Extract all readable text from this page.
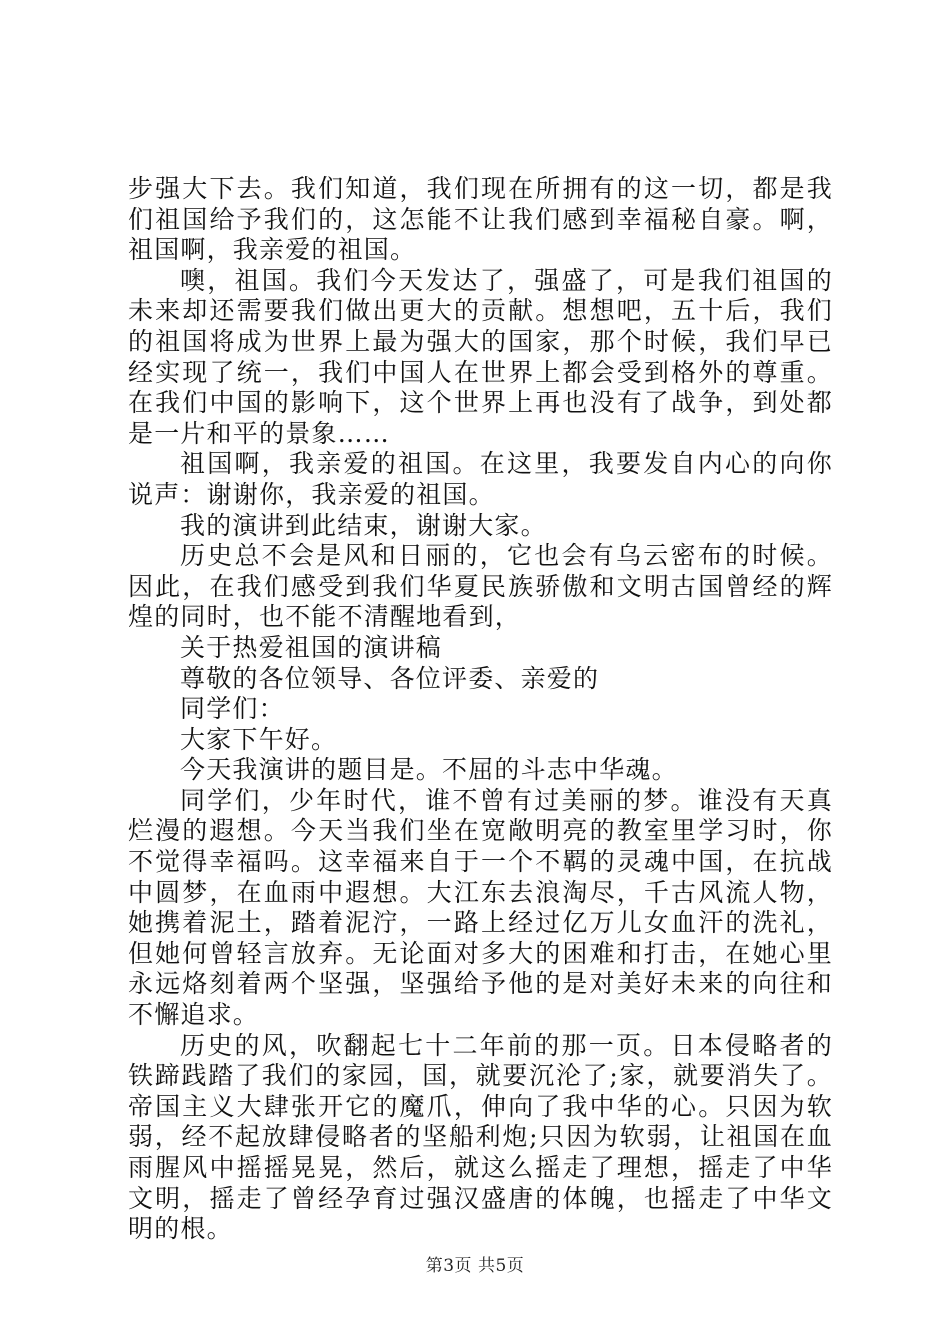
步强大下去。我们知道，我们现在所拥有的这一切，都是我们祖国给予我们的，这怎能不让我们感到幸福秘自豪。啊，祖国啊，我亲爱的祖国。

噢，祖国。我们今天发达了，强盛了，可是我们祖国的未来却还需要我们做出更大的贡献。想想吧，五十后，我们的祖国将成为世界上最为强大的国家，那个时候，我们早已经实现了统一，我们中国人在世界上都会受到格外的尊重。在我们中国的影响下，这个世界上再也没有了战争，到处都是一片和平的景象……

祖国啊，我亲爱的祖国。在这里，我要发自内心的向你说声：谢谢你，我亲爱的祖国。

我的演讲到此结束，谢谢大家。

历史总不会是风和日丽的，它也会有乌云密布的时候。因此，在我们感受到我们华夏民族骄傲和文明古国曾经的辉煌的同时，也不能不清醒地看到，

关于热爱祖国的演讲稿

尊敬的各位领导、各位评委、亲爱的

同学们：

大家下午好。

今天我演讲的题目是。不屈的斗志中华魂。

同学们，少年时代，谁不曾有过美丽的梦。谁没有天真烂漫的遐想。今天当我们坐在宽敞明亮的教室里学习时，你不觉得幸福吗。这幸福来自于一个不羁的灵魂中国，在抗战中圆梦，在血雨中遐想。大江东去浪淘尽，千古风流人物，她携着泥土，踏着泥泞，一路上经过亿万儿女血汗的洗礼，但她何曾轻言放弃。无论面对多大的困难和打击，在她心里永远烙刻着两个坚强，坚强给予他的是对美好未来的向往和不懈追求。

历史的风，吹翻起七十二年前的那一页。日本侵略者的铁蹄践踏了我们的家园，国，就要沉沦了;家，就要消失了。帝国主义大肆张开它的魔爪，伸向了我中华的心。只因为软弱，经不起放肆侵略者的坚船利炮;只因为软弱，让祖国在血雨腥风中摇摇晃晃，然后，就这么摇走了理想，摇走了中华文明，摇走了曾经孕育过强汉盛唐的体魄，也摇走了中华文明的根。

第3页 共5页
